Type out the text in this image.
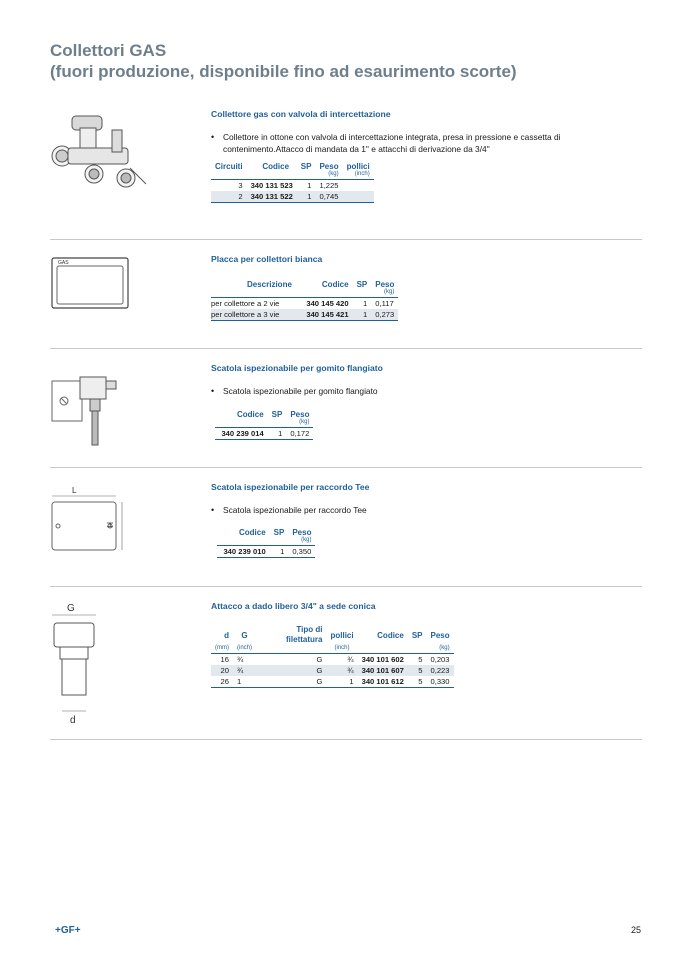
Collettori GAS
(fuori produzione, disponibile fino ad esaurimento scorte)
Collettore gas con valvola di intercettazione
• Collettore in ottone con valvola di intercettazione integrata, presa in pressione e cassetta di contenimento.Attacco di mandata da 1" e attacchi di derivazione da 3/4"
Circuiti	Codice	SP	Peso	pollici
			(kg)	(inch)
3	340 131 523	1	1,225	
2	340 131 522	1	0,745	
GAS	Placca per collettori bianca
Descrizione	Codice	SP	Peso
			(kg)
per collettore a 2 vie	340 145 420	1	0,117
per collettore a 3 vie	340 145 421	1	0,273
Scatola ispezionabile per gomito flangiato
• Scatola ispezionabile per gomito flangiato
Codice	SP	Peso
		(kg)
340 239 014	1	0,172
L
H
Scatola ispezionabile per raccordo Tee
• Scatola ispezionabile per raccordo Tee
Codice	SP	Peso
		(kg)
340 239 010	1	0,350
G
d
Attacco a dado libero 3/4" a sede conica
d	G	Tipo di
filettatura	pollici	Codice	SP	Peso
(mm)	(inch)		(inch)			(kg)
16	¾	G	¾	340 101 602	5	0,203
20	¾	G	¾	340 101 607	5	0,223
26	1	G	1	340 101 612	5	0,330
+GF+	25
